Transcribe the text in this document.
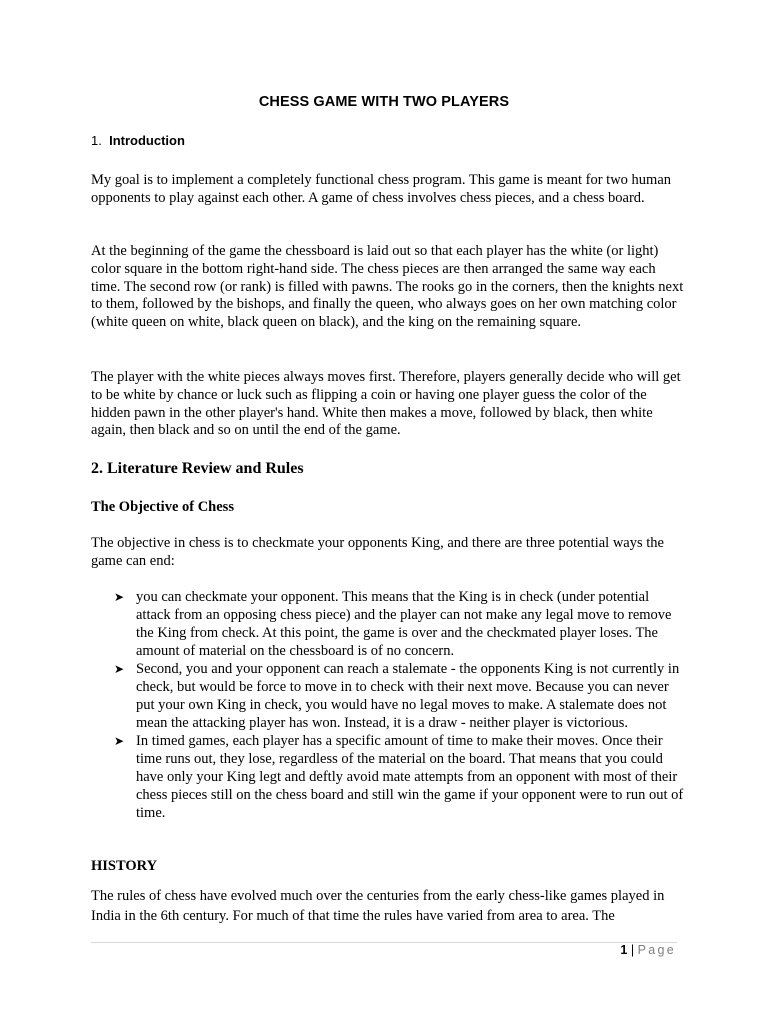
CHESS GAME WITH TWO PLAYERS
1. Introduction

My goal is to implement a completely functional chess program. This game is meant for two human opponents to play against each other. A game of chess involves chess pieces, and a chess board.

At the beginning of the game the chessboard is laid out so that each player has the white (or light) color square in the bottom right-hand side. The chess pieces are then arranged the same way each time. The second row (or rank) is filled with pawns. The rooks go in the corners, then the knights next to them, followed by the bishops, and finally the queen, who always goes on her own matching color (white queen on white, black queen on black), and the king on the remaining square.

The player with the white pieces always moves first. Therefore, players generally decide who will get to be white by chance or luck such as flipping a coin or having one player guess the color of the hidden pawn in the other player's hand. White then makes a move, followed by black, then white again, then black and so on until the end of the game.

2. Literature Review and Rules
The Objective of Chess

The objective in chess is to checkmate your opponents King, and there are three potential ways the game can end:

➤ you can checkmate your opponent. This means that the King is in check (under potential attack from an opposing chess piece) and the player can not make any legal move to remove the King from check. At this point, the game is over and the checkmated player loses. The amount of material on the chessboard is of no concern.
➤ Second, you and your opponent can reach a stalemate - the opponents King is not currently in check, but would be force to move in to check with their next move. Because you can never put your own King in check, you would have no legal moves to make. A stalemate does not mean the attacking player has won. Instead, it is a draw - neither player is victorious.
➤ In timed games, each player has a specific amount of time to make their moves. Once their time runs out, they lose, regardless of the material on the board. That means that you could have only your King legt and deftly avoid mate attempts from an opponent with most of their chess pieces still on the chess board and still win the game if your opponent were to run out of time.
HISTORY

The rules of chess have evolved much over the centuries from the early chess-like games played in India in the 6th century. For much of that time the rules have varied from area to area. The

1 | Page
